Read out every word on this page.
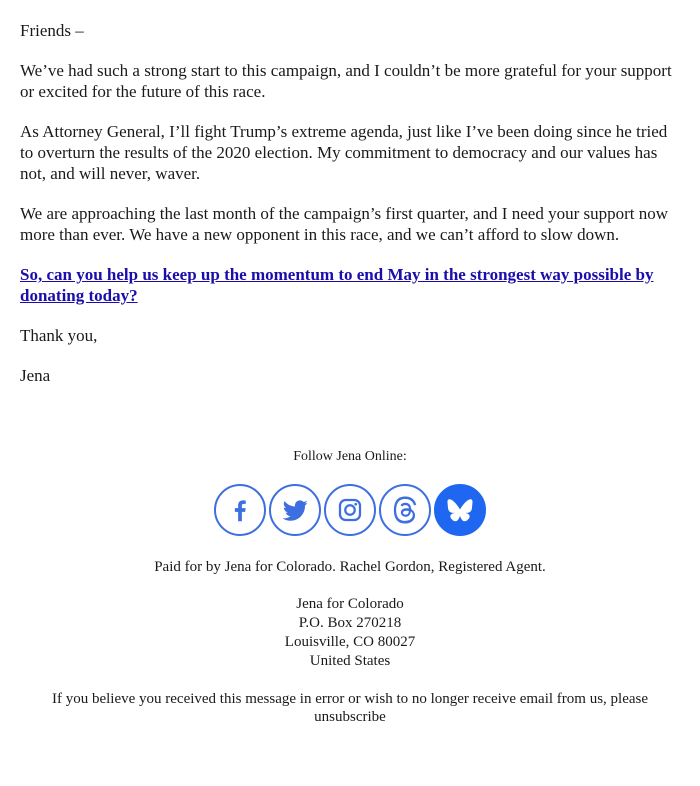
Friends –

We’ve had such a strong start to this campaign, and I couldn’t be more grateful for your support or excited for the future of this race.

As Attorney General, I’ll fight Trump’s extreme agenda, just like I’ve been doing since he tried to overturn the results of the 2020 election. My commitment to democracy and our values has not, and will never, waver.

We are approaching the last month of the campaign’s first quarter, and I need your support now more than ever. We have a new opponent in this race, and we can’t afford to slow down.

So, can you help us keep up the momentum to end May in the strongest way possible by donating today?

Thank you,

Jena

Follow Jena Online:

Paid for by Jena for Colorado. Rachel Gordon, Registered Agent.

Jena for Colorado
P.O. Box 270218
Louisville, CO 80027
United States

If you believe you received this message in error or wish to no longer receive email from us, please
unsubscribe
